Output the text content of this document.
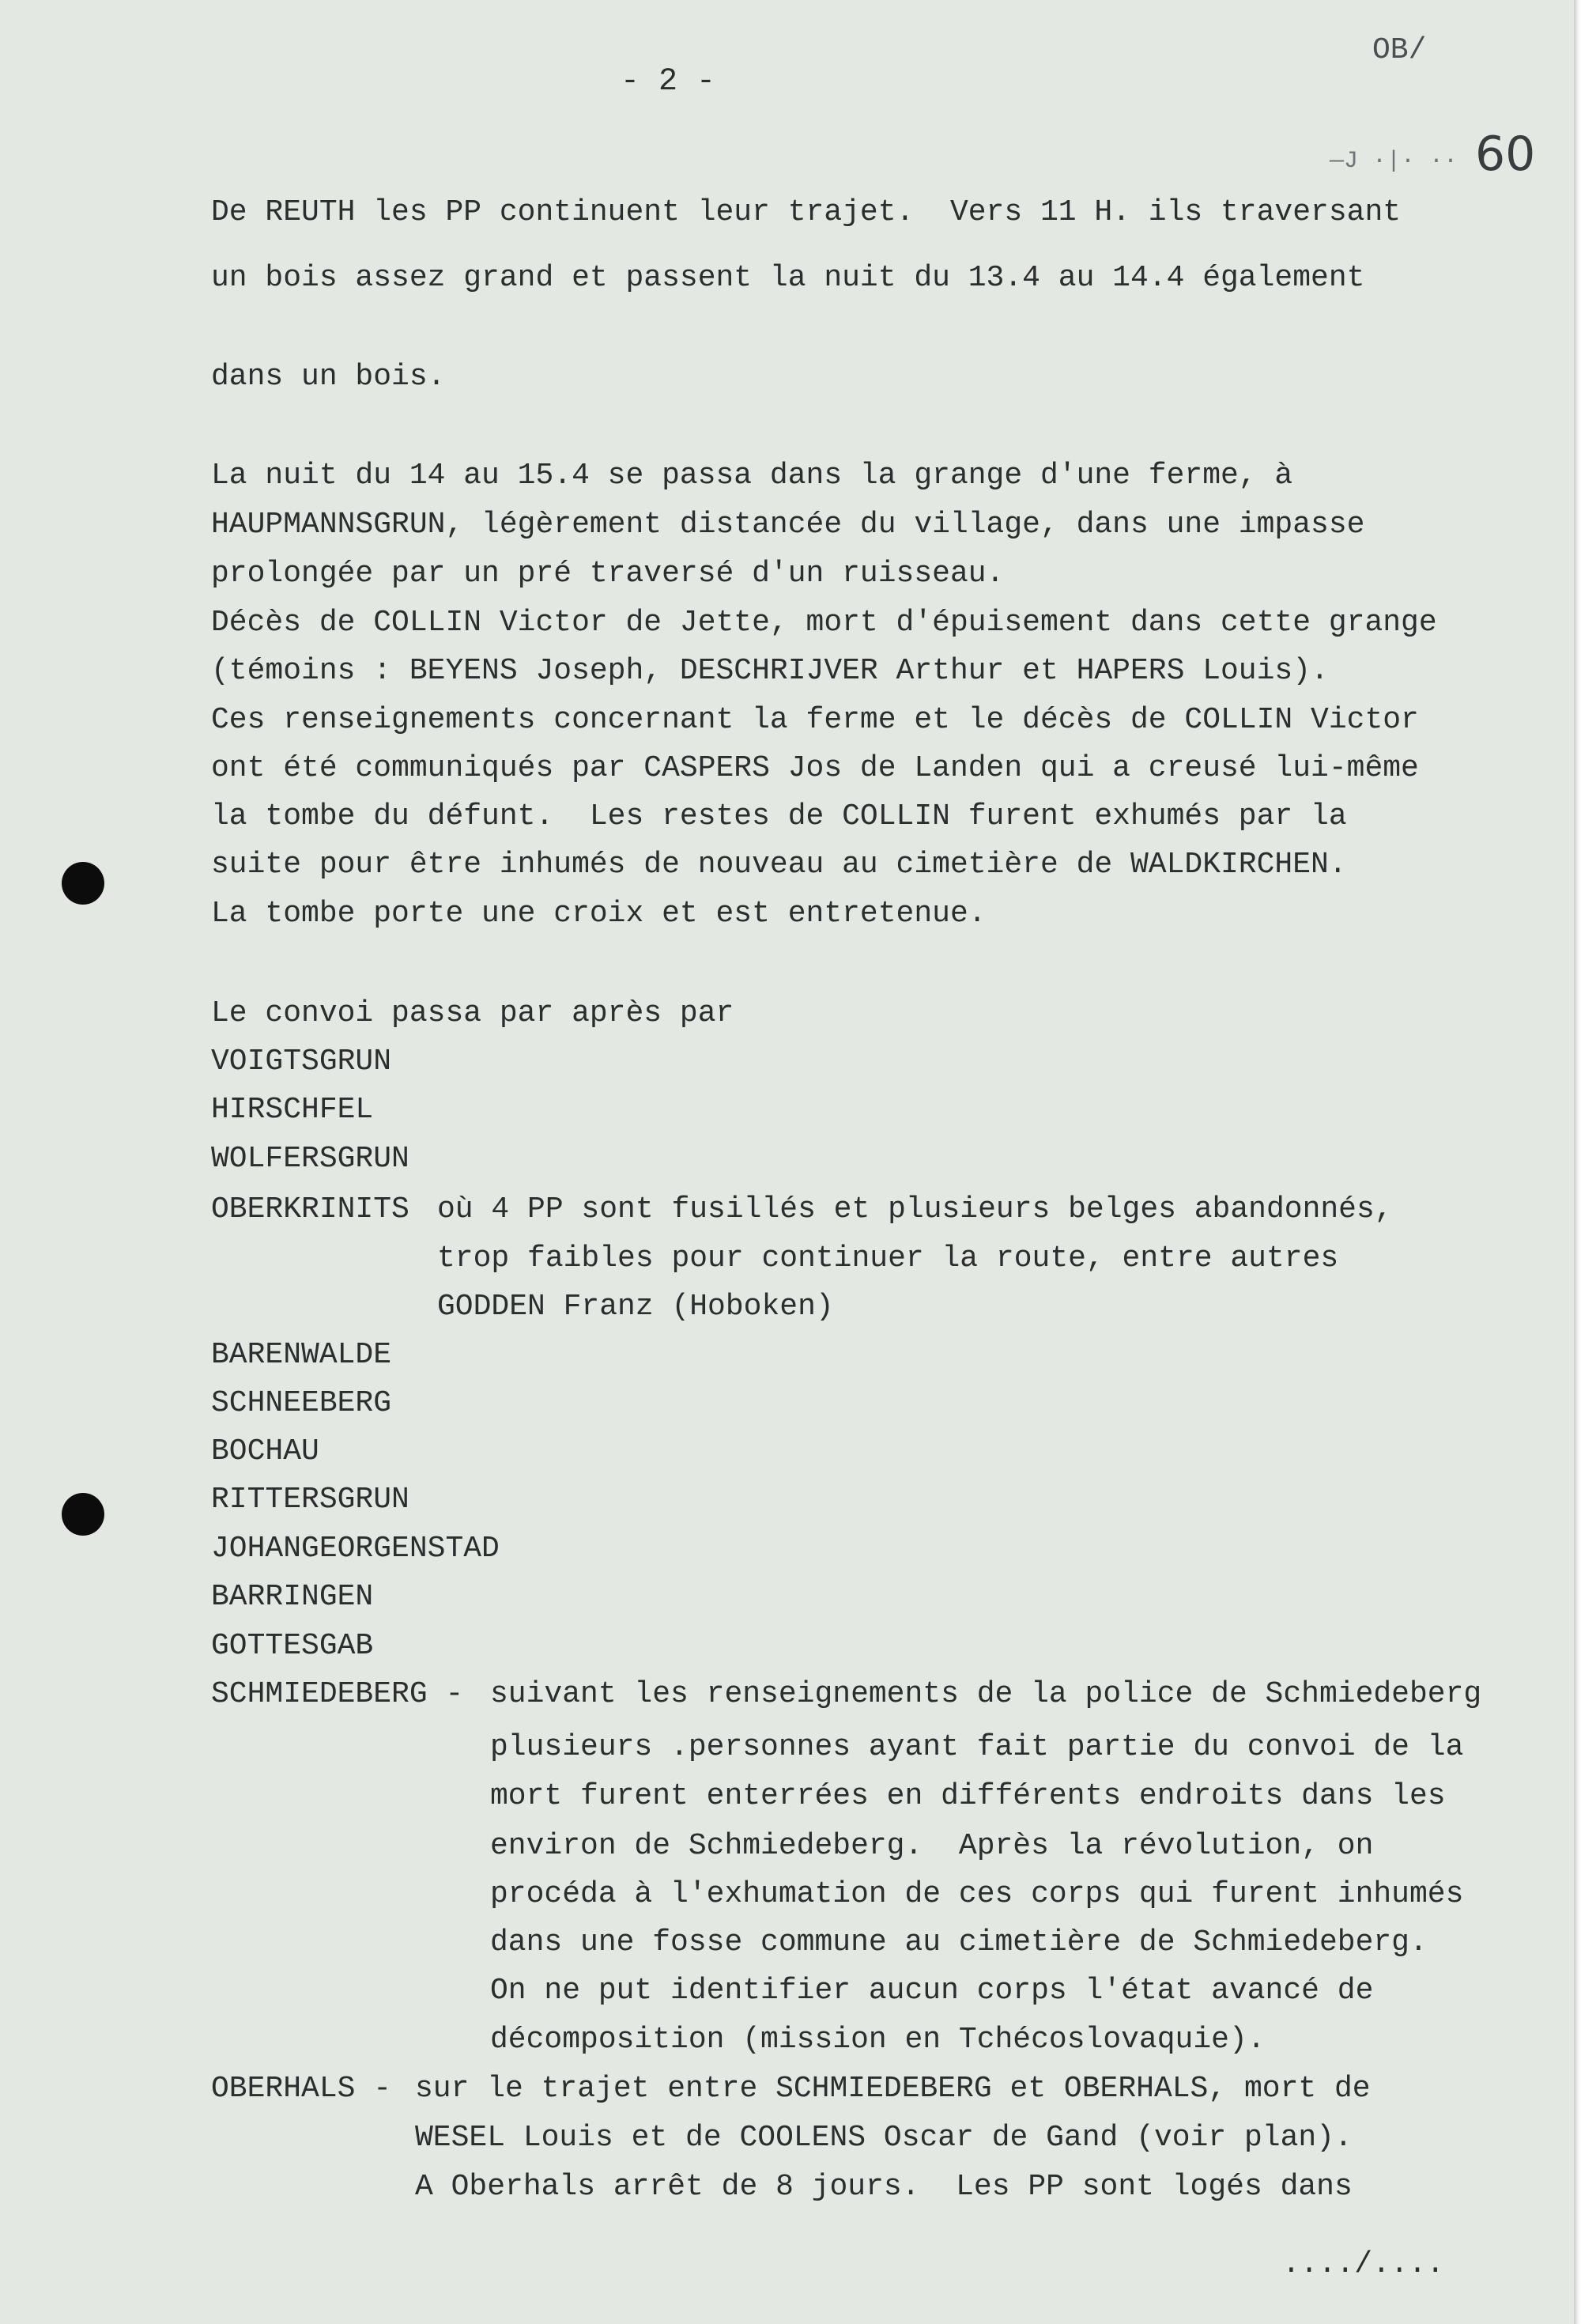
- 2 -
OB/
—J ·|· ·· 60
De REUTH les PP continuent leur trajet.  Vers 11 H. ils traversant
un bois assez grand et passent la nuit du 13.4 au 14.4 également
dans un bois.
La nuit du 14 au 15.4 se passa dans la grange d'une ferme, à
HAUPMANNSGRUN, légèrement distancée du village, dans une impasse
prolongée par un pré traversé d'un ruisseau.
Décès de COLLIN Victor de Jette, mort d'épuisement dans cette grange
(témoins : BEYENS Joseph, DESCHRIJVER Arthur et HAPERS Louis).
Ces renseignements concernant la ferme et le décès de COLLIN Victor
ont été communiqués par CASPERS Jos de Landen qui a creusé lui-même
la tombe du défunt.  Les restes de COLLIN furent exhumés par la
suite pour être inhumés de nouveau au cimetière de WALDKIRCHEN.
La tombe porte une croix et est entretenue.
Le convoi passa par après par
VOIGTSGRUN
HIRSCHFEL
WOLFERSGRUN
OBERKRINITS où 4 PP sont fusillés et plusieurs belges abandonnés,
trop faibles pour continuer la route, entre autres
GODDEN Franz (Hoboken)
BARENWALDE
SCHNEEBERG
BOCHAU
RITTERSGRUN
JOHANGEORGENSTAD
BARRINGEN
GOTTESGAB
SCHMIEDEBERG - suivant les renseignements de la police de Schmiedeberg
plusieurs .personnes ayant fait partie du convoi de la
mort furent enterrées en différents endroits dans les
environ de Schmiedeberg.  Après la révolution, on
procéda à l'exhumation de ces corps qui furent inhumés
dans une fosse commune au cimetière de Schmiedeberg.
On ne put identifier aucun corps l'état avancé de
décomposition (mission en Tchécoslovaquie).
OBERHALS - sur le trajet entre SCHMIEDEBERG et OBERHALS, mort de
WESEL Louis et de COOLENS Oscar de Gand (voir plan).
A Oberhals arrêt de 8 jours.  Les PP sont logés dans
..../....
